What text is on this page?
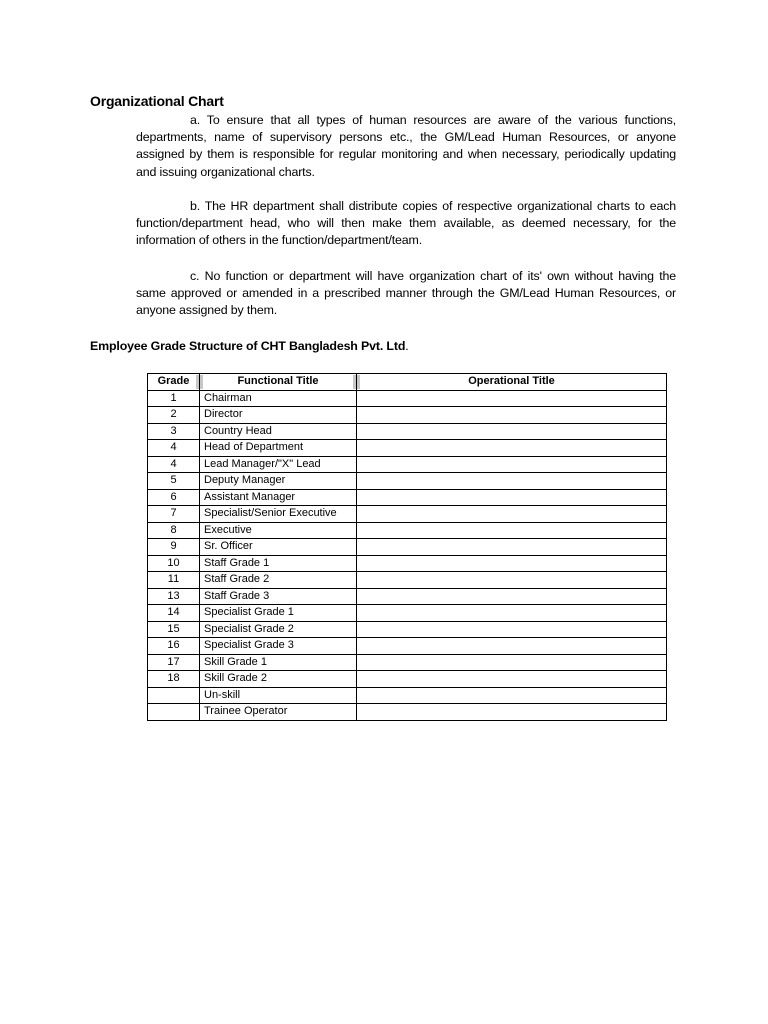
Organizational Chart
a. To ensure that all types of human resources are aware of the various functions, departments, name of supervisory persons etc., the GM/Lead Human Resources, or anyone assigned by them is responsible for regular monitoring and when necessary, periodically updating and issuing organizational charts.
b. The HR department shall distribute copies of respective organizational charts to each function/department head, who will then make them available, as deemed necessary, for the information of others in the function/department/team.
c. No function or department will have organization chart of its' own without having the same approved or amended in a prescribed manner through the GM/Lead Human Resources, or anyone assigned by them.
Employee Grade Structure of CHT Bangladesh Pvt. Ltd.
Grade	Functional Title	Operational Title
1	Chairman	
2	Director	
3	Country Head	
4	Head of Department	
4	Lead Manager/"X" Lead	
5	Deputy Manager	
6	Assistant Manager	
7	Specialist/Senior Executive	
8	Executive	
9	Sr. Officer	
10	Staff Grade 1	
11	Staff Grade 2	
13	Staff Grade 3	
14	Specialist Grade 1	
15	Specialist Grade 2	
16	Specialist Grade 3	
17	Skill Grade 1	
18	Skill Grade 2	
	Un-skill	
	Trainee Operator	
